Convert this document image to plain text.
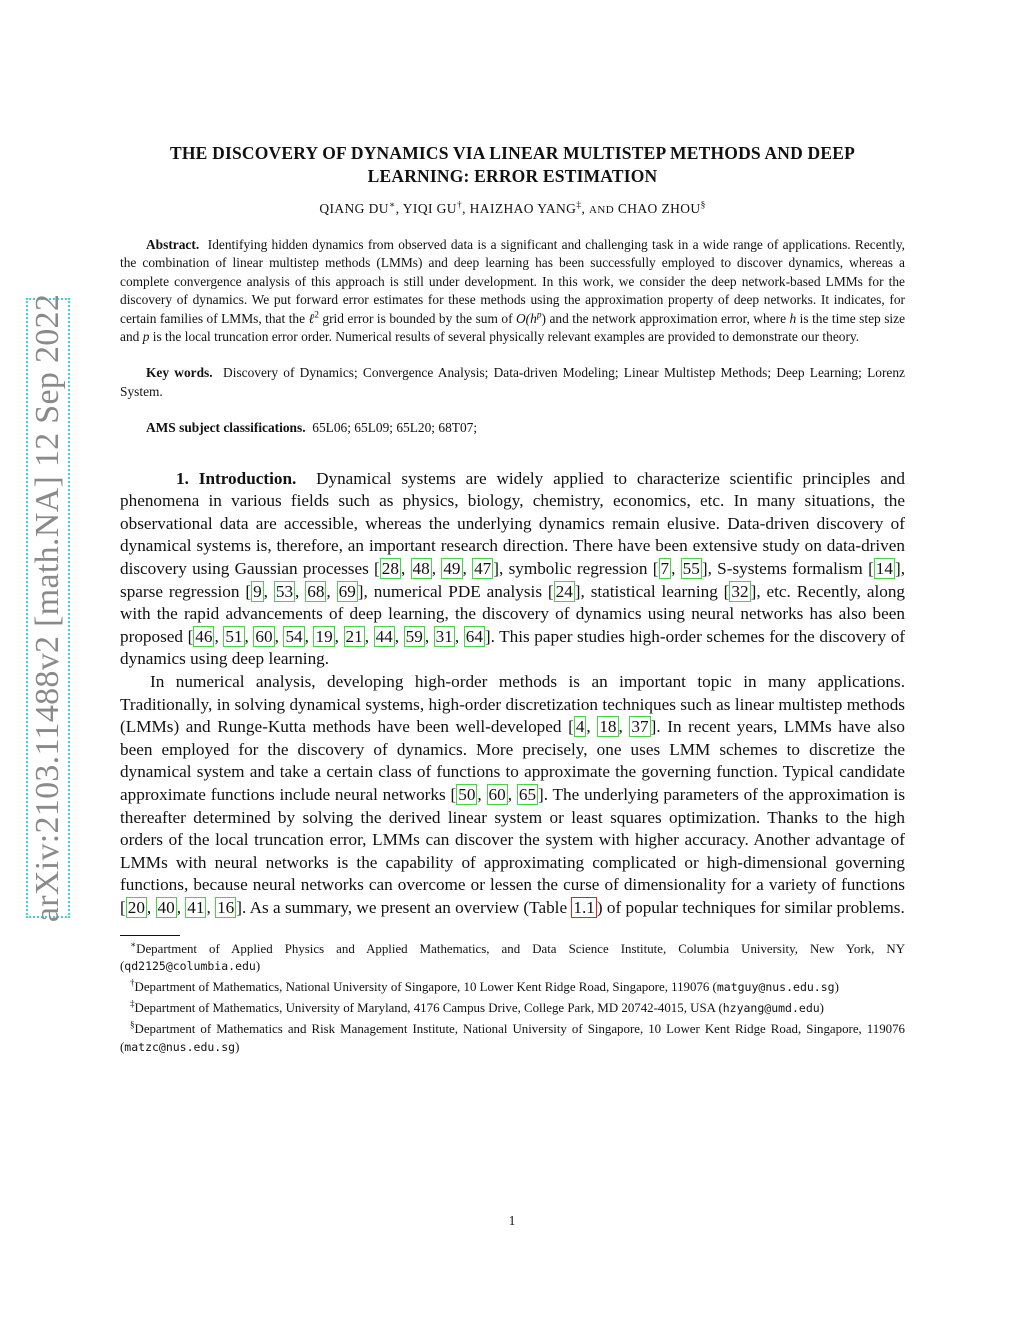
arXiv:2103.11488v2 [math.NA] 12 Sep 2022
THE DISCOVERY OF DYNAMICS VIA LINEAR MULTISTEP METHODS AND DEEP LEARNING: ERROR ESTIMATION
QIANG DU∗, YIQI GU†, HAIZHAO YANG‡, AND CHAO ZHOU§
Abstract. Identifying hidden dynamics from observed data is a significant and challenging task in a wide range of applications. Recently, the combination of linear multistep methods (LMMs) and deep learning has been successfully employed to discover dynamics, whereas a complete convergence analysis of this approach is still under development. In this work, we consider the deep network-based LMMs for the discovery of dynamics. We put forward error estimates for these methods using the approximation property of deep networks. It indicates, for certain families of LMMs, that the ℓ$^2$ grid error is bounded by the sum of $O(h^p)$ and the network approximation error, where h is the time step size and p is the local truncation error order. Numerical results of several physically relevant examples are provided to demonstrate our theory.
Key words. Discovery of Dynamics; Convergence Analysis; Data-driven Modeling; Linear Multistep Methods; Deep Learning; Lorenz System.
AMS subject classifications. 65L06; 65L09; 65L20; 68T07;
1. Introduction. Dynamical systems are widely applied to characterize scientific principles and phenomena in various fields such as physics, biology, chemistry, economics, etc. In many situations, the observational data are accessible, whereas the underlying dynamics remain elusive. Data-driven discovery of dynamical systems is, therefore, an important research direction. There have been extensive study on data-driven discovery using Gaussian processes [ 28 , 48 , 49 , 47 ], symbolic regression [ 7 , 55 ], S-systems formalism [ 14 ], sparse regression [ 9 , 53 , 68 , 69 ], numerical PDE analysis [ 24 ], statistical learning [ 32 ], etc. Recently, along with the rapid advancements of deep learning, the discovery of dynamics using neural networks has also been proposed [ 46 , 51 , 60 , 54 , 19 , 21 , 44 , 59 , 31 , 64 ]. This paper studies high-order schemes for the discovery of dynamics using deep learning.
In numerical analysis, developing high-order methods is an important topic in many applications. Traditionally, in solving dynamical systems, high-order discretization techniques such as linear multistep methods (LMMs) and Runge-Kutta methods have been well-developed [ 4 , 18 , 37 ]. In recent years, LMMs have also been employed for the discovery of dynamics. More precisely, one uses LMM schemes to discretize the dynamical system and take a certain class of functions to approximate the governing function. Typical candidate approximate functions include neural networks [ 50 , 60 , 65 ]. The underlying parameters of the approximation is thereafter determined by solving the derived linear system or least squares optimization. Thanks to the high orders of the local truncation error, LMMs can discover the system with higher accuracy. Another advantage of LMMs with neural networks is the capability of approximating complicated or high-dimensional governing functions, because neural networks can overcome or lessen the curse of dimensionality for a variety of functions [ 20 , 40 , 41 , 16 ]. As a summary, we present an overview (Table 1.1 ) of popular techniques for similar problems.

∗Department of Applied Physics and Applied Mathematics, and Data Science Institute, Columbia University, New York, NY (qd2125@columbia.edu)

†Department of Mathematics, National University of Singapore, 10 Lower Kent Ridge Road, Singapore, 119076 (matguy@nus.edu.sg)

‡Department of Mathematics, University of Maryland, 4176 Campus Drive, College Park, MD 20742-4015, USA (hzyang@umd.edu)

§Department of Mathematics and Risk Management Institute, National University of Singapore, 10 Lower Kent Ridge Road, Singapore, 119076 (matzc@nus.edu.sg)

1
